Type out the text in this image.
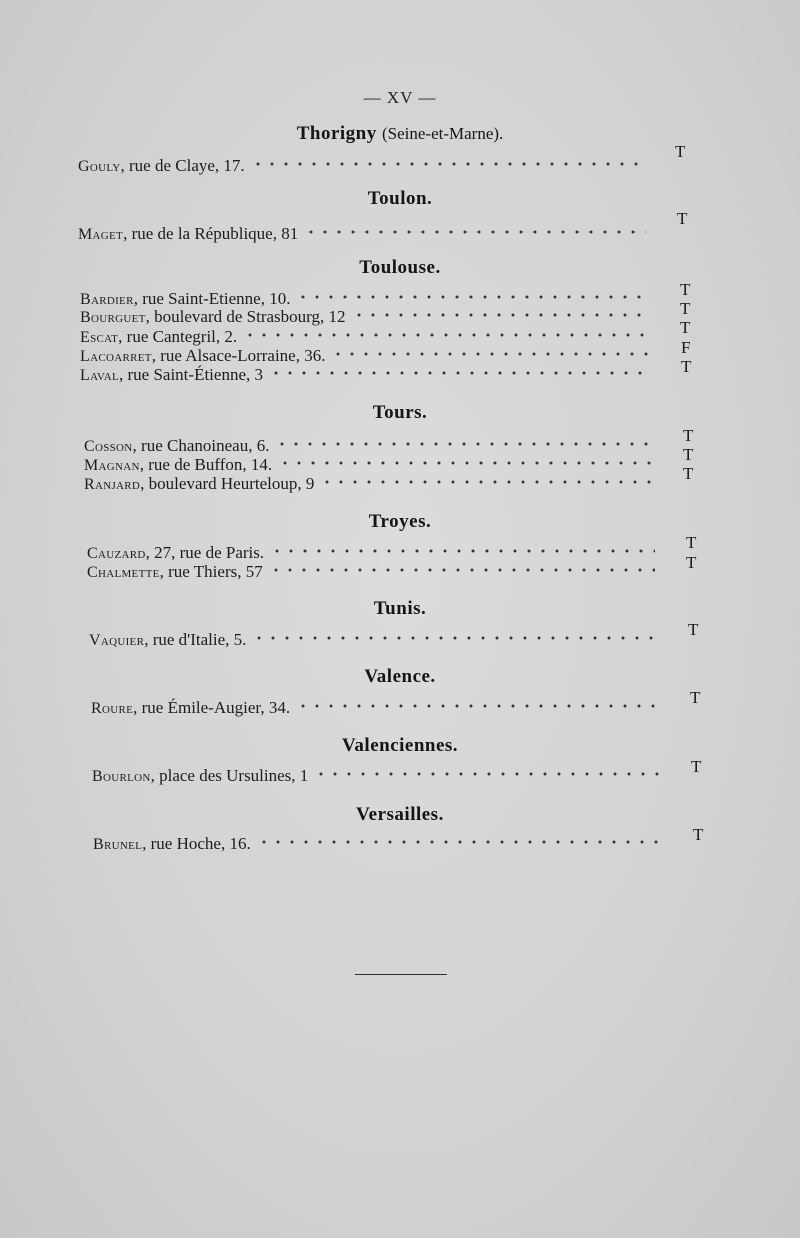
— XV —
Thorigny (Seine-et-Marne).
Gouly , rue de Claye, 17.
T
Toulon.
Maget , rue de la République, 81
T
Toulouse.
Bardier , rue Saint-Etienne, 10.
Bourguet , boulevard de Strasbourg, 12
Escat , rue Cantegril, 2.
Lacoarret , rue Alsace-Lorraine, 36.
Laval , rue Saint-Étienne, 3
T
T
T
F
T
Tours.
Cosson , rue Chanoineau, 6.
Magnan , rue de Buffon, 14.
Ranjard , boulevard Heurteloup, 9
T
T
T
Troyes.
Cauzard , 27, rue de Paris.
Chalmette , rue Thiers, 57
T
T
Tunis.
Vaquier , rue d'Italie, 5.
T
Valence.
Roure , rue Émile-Augier, 34.
T
Valenciennes.
Bourlon , place des Ursulines, 1	T
Versailles.
Brunel , rue Hoche, 16.	T
